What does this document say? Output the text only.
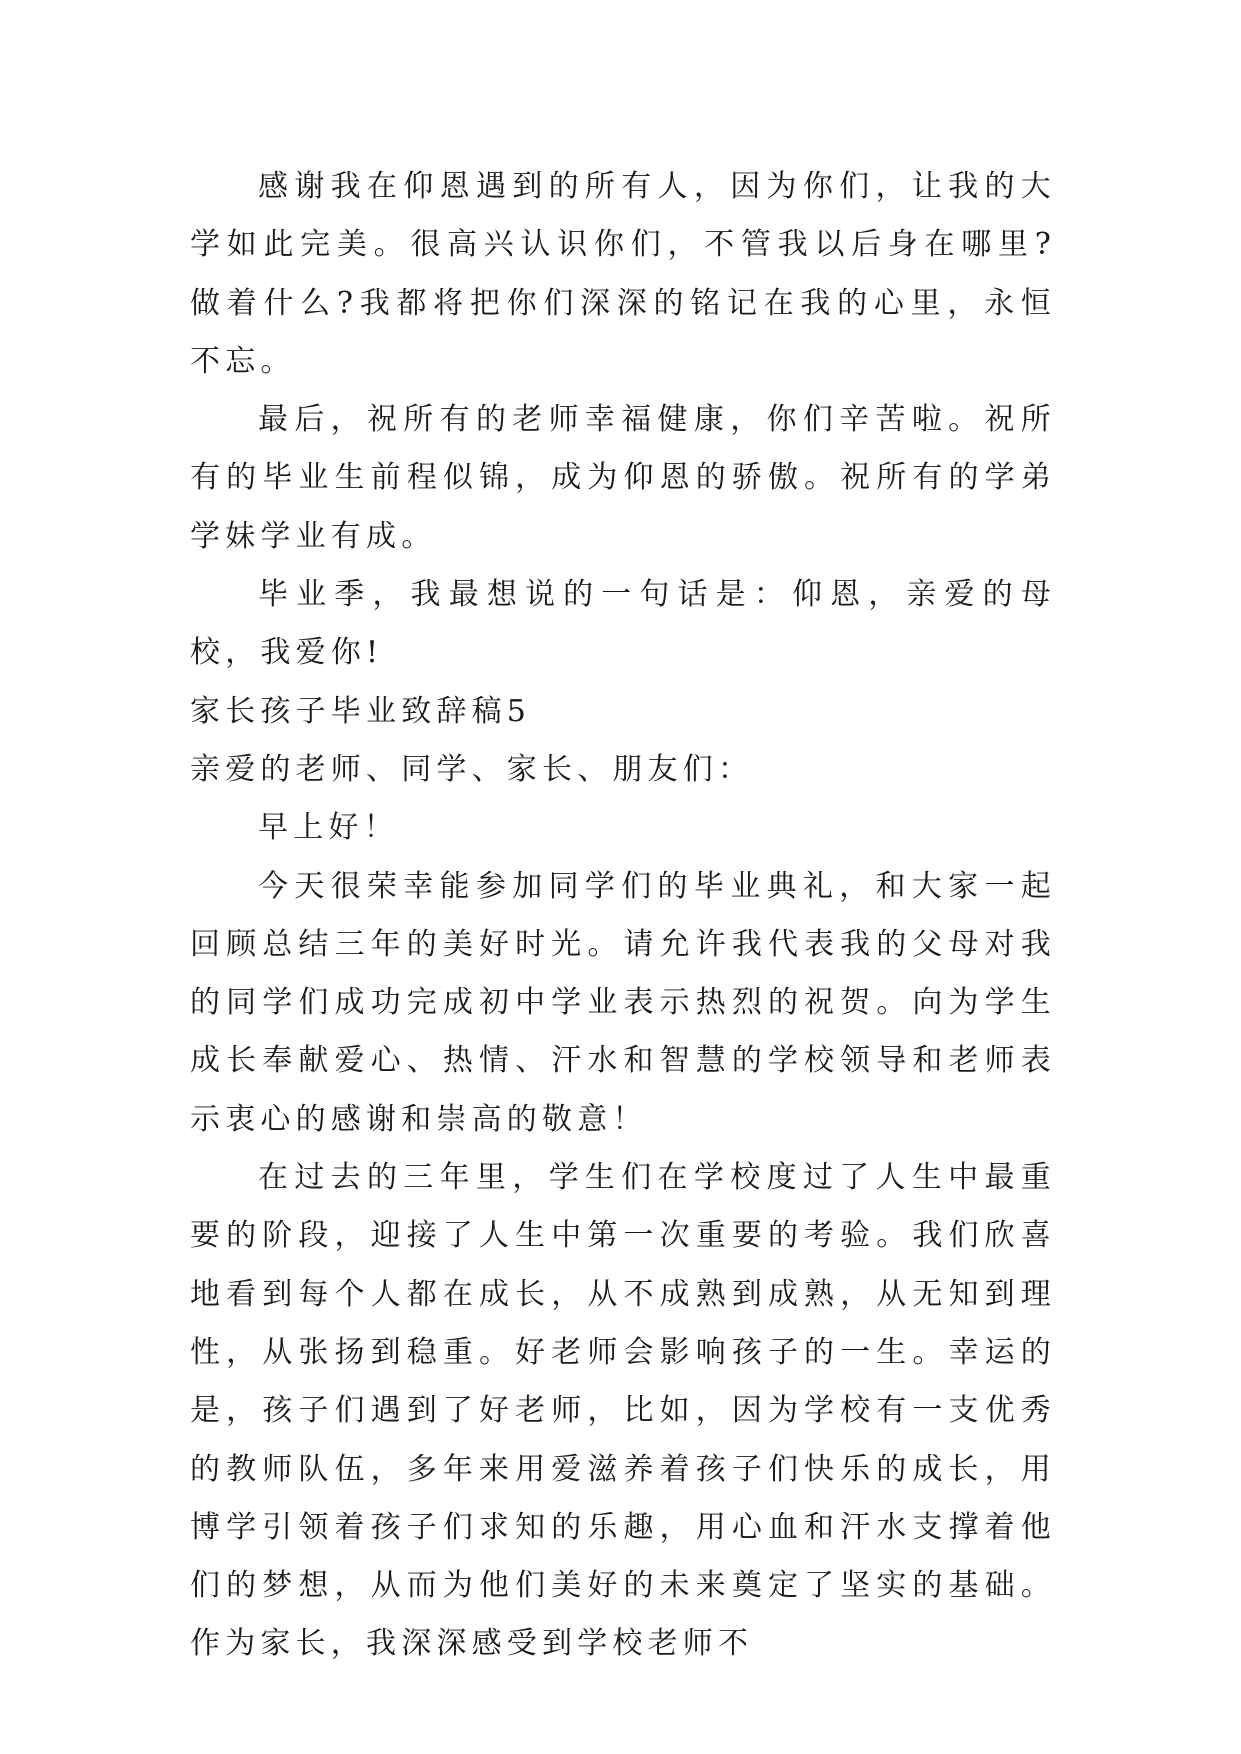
感谢我在仰恩遇到的所有人，因为你们，让我的大学如此完美。很高兴认识你们，不管我以后身在哪里?做着什么?我都将把你们深深的铭记在我的心里，永恒不忘。

最后，祝所有的老师幸福健康，你们辛苦啦。祝所有的毕业生前程似锦，成为仰恩的骄傲。祝所有的学弟学妹学业有成。

毕业季，我最想说的一句话是：仰恩，亲爱的母校，我爱你!

家长孩子毕业致辞稿5

亲爱的老师、同学、家长、朋友们：

早上好！

今天很荣幸能参加同学们的毕业典礼，和大家一起回顾总结三年的美好时光。请允许我代表我的父母对我的同学们成功完成初中学业表示热烈的祝贺。向为学生成长奉献爱心、热情、汗水和智慧的学校领导和老师表示衷心的感谢和崇高的敬意！

在过去的三年里，学生们在学校度过了人生中最重要的阶段，迎接了人生中第一次重要的考验。我们欣喜地看到每个人都在成长，从不成熟到成熟，从无知到理性，从张扬到稳重。好老师会影响孩子的一生。幸运的是，孩子们遇到了好老师，比如，因为学校有一支优秀的教师队伍，多年来用爱滋养着孩子们快乐的成长，用博学引领着孩子们求知的乐趣，用心血和汗水支撑着他们的梦想，从而为他们美好的未来奠定了坚实的基础。作为家长，我深深感受到学校老师不
